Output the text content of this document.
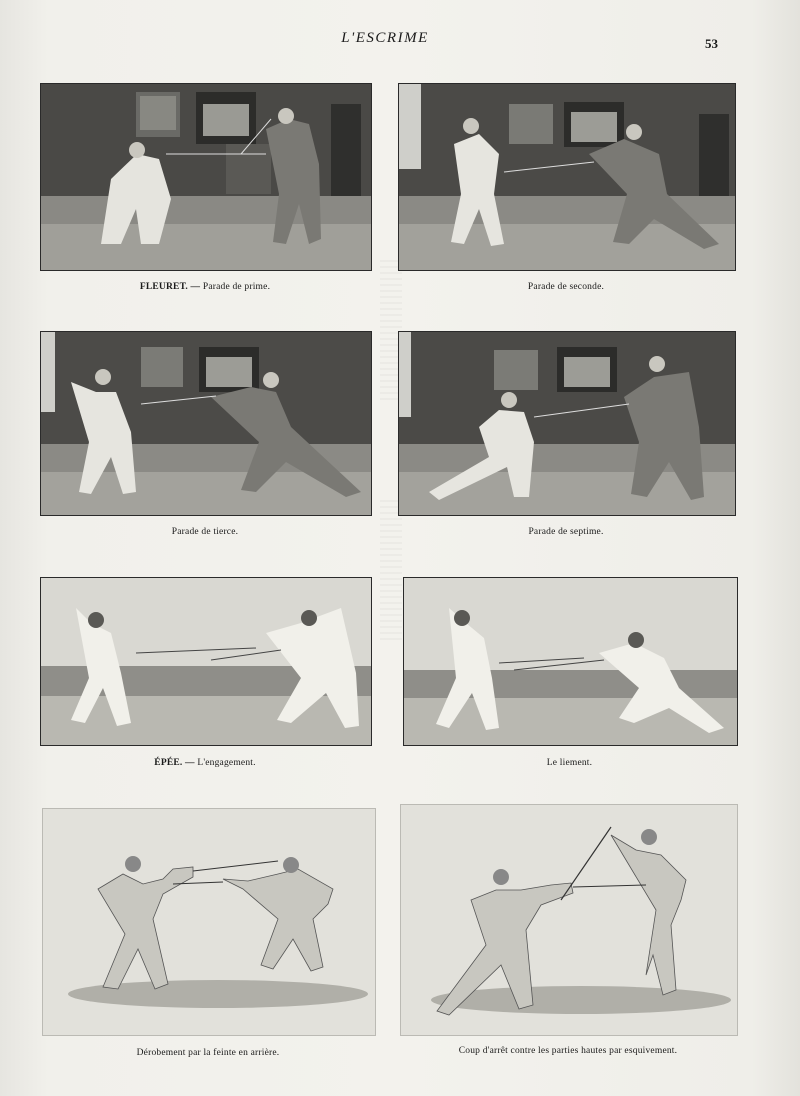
L'ESCRIME	53
FLEURET. — Parade de prime.	Parade de seconde.
Parade de tierce.	Parade de septime.
ÉPÉE. — L'engagement.	Le liement.
Dérobement par la feinte en arrière.	Coup d'arrêt contre les parties hautes par esquivement.
